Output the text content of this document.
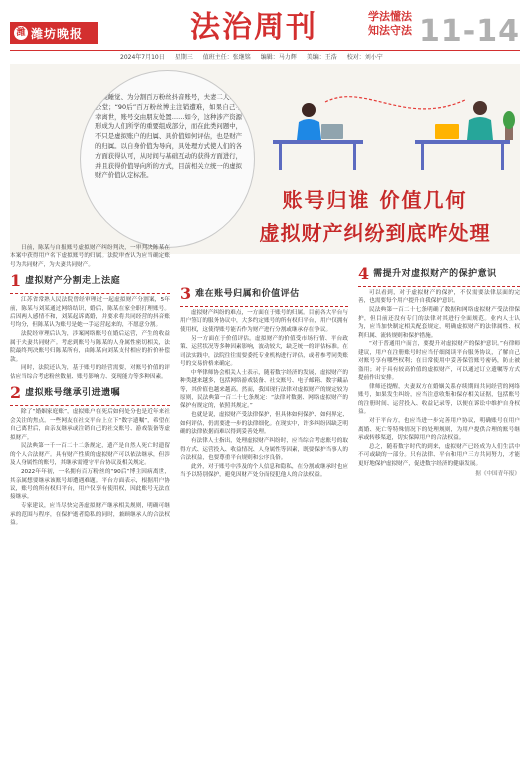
潍 潍坊晚报	法治周刊	学法懂法
知法守法 11-14
2024年7月10日 星期三 值班主任：张继铭 编辑：马力辉 美编：王浩 校对：刘小宁
傍晚睡觉、为分割百万粉丝抖音账号，夫妻二人对簿公堂；“90后”百万粉丝博主注销遭难，如果自己不幸离世，账号交由朋友处置……如今，这种涉产资源形成为人们所学的重要组成部分，而在此类问题中，不只是虚拟账户的归属、具价值如何评估，也是财产的归属。以自身价值为导向，具处理方式使人们的各方面获得认可，从时间与基础互动的获得方面进行，并且获得价值导向所的方式，目前相关立统一的虚拟财产价值认定标准。
账号归谁 价值几何
虚拟财产纠纷到底咋处理

日前，陈某与自报账号虚拟财产纠纷判决，一审判决陈某在本案中获得用户名下虚拟账号的归属。法院审查认为应当确定账号为共同财产，为夫妻共同财产。

1 虚拟财产分割走上法庭

江苏省常熟人民法院曾经审理过一起虚拟财产分割案，5年前，陈某与刘某通过网络结识，婚后，陈某在家全职打理账号。后因两人感情不和，刘某起诉离婚，并要求将共同经营的抖音账号均分，但陈某认为账号是她一手运营起来的，不愿意分割。

法院经审理后认为，涉案网络账号在婚后运营，产生的收益属于夫妻共同财产。考虑到账号与陈某的人身属性密切相关，法院最终判决账号归陈某所有，由陈某向刘某支付相应的折价补偿款。

同时，法院还认为，基于账号的经营需要，对账号价值的评估应当综合考虑粉丝数量、账号影响力、变现能力等多种因素。

2 虚拟账号继承引进遗嘱

除了“婚姻家庭账”，虚拟账户在死后如何处分也是近年来社会关注的焦点。一些网友在社交平台上立下“数字遗嘱”，希望在自己离世后，由亲友继承或注销自己的社交账号、游戏装备等虚拟财产。

民法典第一千一百二十二条规定，遗产是自然人死亡时遗留的个人合法财产。具有财产性质的虚拟财产可以依法继承，但涉及人身属性的账号，其继承需遵守平台协议及相关规定。

2022年年初，一名拥有百万粉丝的“90后”博主因病离世，其亲属想要继承该账号却遭遇难题。平台方面表示，根据用户协议，账号的所有权归平台，用户仅享有使用权，因此账号无法直接继承。

专家建议，应当尽快完善虚拟财产继承相关规则，明确可继承的范围与程序，在保护逝者隐私的同时，兼顾继承人的合法权益。

3 难在账号归属和价值评估

虚拟财产纠纷的难点，一方面在于账号的归属。目前各大平台与用户签订的服务协议中，大多约定账号的所有权归平台，用户仅拥有使用权，这使得账号能否作为财产进行分割或继承存在争议。

另一方面在于价值评估。虚拟财产的价值受市场行情、平台政策、运营状况等多种因素影响，波动较大，缺乏统一的评估标准。在司法实践中，法院往往需要委托专业机构进行评估，或者参考同类账号的交易价格来确定。

中华律师协会相关人士表示，随着数字经济的发展，虚拟财产的种类越来越多，包括网络游戏装备、社交账号、电子邮箱、数字藏品等，其价值也越来越高。然而，我国现行法律对虚拟财产的规定较为原则，民法典第一百二十七条规定：“法律对数据、网络虚拟财产的保护有规定的，依照其规定。”

也就是说，虚拟财产受法律保护，但具体如何保护、如何界定、如何评估，仍需要进一步的法律细化。在现实中，许多纠纷因缺乏明确的法律依据而难以得到妥善处理。

有法律人士指出，处理虚拟财产纠纷时，应当综合考虑账号的取得方式、运营投入、收益情况、人身属性等因素，既要保护当事人的合法权益，也要尊重平台规则和公序良俗。

此外，对于账号中涉及的个人信息和隐私，在分割或继承时也应当予以特别保护，避免因财产处分而侵犯他人的合法权益。

4 需提升对虚拟财产的保护意识

可以看到，对于虚拟财产的保护，不仅需要法律层面的完善，也需要每个用户提升自我保护意识。

民法典第一百二十七条明确了数据和网络虚拟财产受法律保护，但目前还没有专门的法律对其进行全面规范。业内人士认为，应当加快制定相关配套规定，明确虚拟财产的法律属性、权利归属、流转规则和保护措施。

“对于普通用户而言，要提升对虚拟财产的保护意识。”有律师建议，用户在注册账号时应当仔细阅读平台服务协议，了解自己对账号享有哪些权利；在日常使用中妥善保管账号密码，防止被盗用；对于具有较高价值的虚拟财产，可以通过订立遗嘱等方式提前作出安排。

律师还提醒，夫妻双方在婚姻关系存续期间共同经营的网络账号，如果发生纠纷，应当注意收集和保存相关证据，包括账号的注册时间、运营投入、收益记录等，以便在诉讼中维护自身权益。

对于平台方，也应当进一步完善用户协议，明确账号在用户离婚、死亡等特殊情况下的处理规则，为用户提供合理的账号继承或转移渠道，切实保障用户的合法权益。

总之，随着数字时代的到来，虚拟财产已经成为人们生活中不可或缺的一部分。只有法律、平台和用户三方共同努力，才能更好地保护虚拟财产，促进数字经济的健康发展。

据《中国青年报》
